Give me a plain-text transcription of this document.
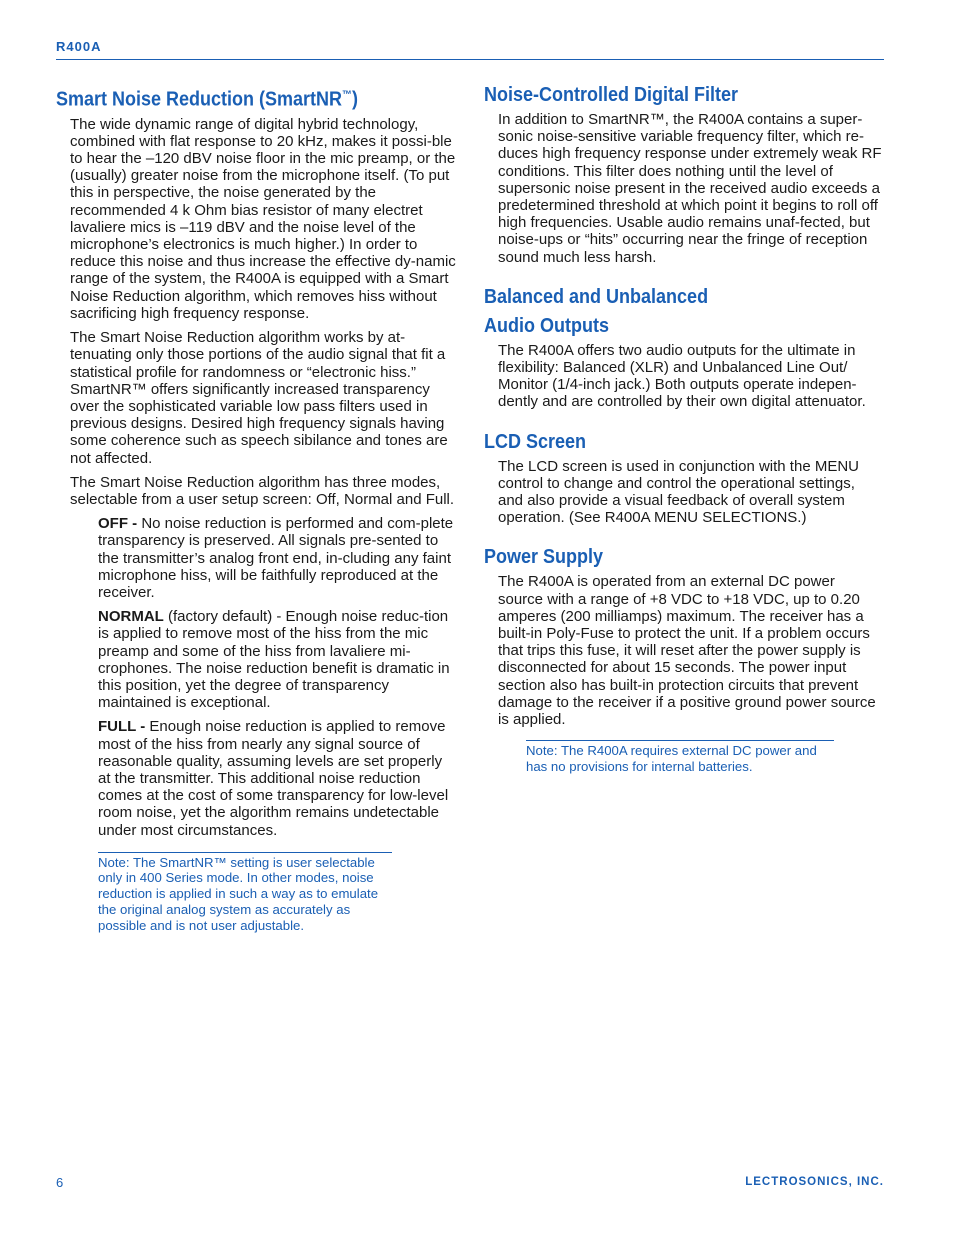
R400A
Smart Noise Reduction (SmartNR™)

The wide dynamic range of digital hybrid technology, combined with flat response to 20 kHz, makes it possi-ble to hear the –120 dBV noise floor in the mic preamp, or the (usually) greater noise from the microphone itself. (To put this in perspective, the noise generated by the recommended 4 k Ohm bias resistor of many electret lavaliere mics is –119 dBV and the noise level of the microphone’s electronics is much higher.) In order to reduce this noise and thus increase the effective dy-namic range of the system, the R400A is equipped with a Smart Noise Reduction algorithm, which removes hiss without sacrificing high frequency response.

The Smart Noise Reduction algorithm works by at-tenuating only those portions of the audio signal that fit a statistical profile for randomness or “electronic hiss.” SmartNR™ offers significantly increased transparency over the sophisticated variable low pass filters used in previous designs. Desired high frequency signals having some coherence such as speech sibilance and tones are not affected.

The Smart Noise Reduction algorithm has three modes, selectable from a user setup screen: Off, Normal and Full.

OFF - No noise reduction is performed and com-plete transparency is preserved. All signals pre-sented to the transmitter’s analog front end, in-cluding any faint microphone hiss, will be faithfully reproduced at the receiver.

NORMAL (factory default) - Enough noise reduc-tion is applied to remove most of the hiss from the mic preamp and some of the hiss from lavaliere mi-crophones. The noise reduction benefit is dramatic in this position, yet the degree of transparency maintained is exceptional.

FULL - Enough noise reduction is applied to remove most of the hiss from nearly any signal source of reasonable quality, assuming levels are set properly at the transmitter. This additional noise reduction comes at the cost of some transparency for low-level room noise, yet the algorithm remains undetectable under most circumstances.

Note: The SmartNR™ setting is user selectable only in 400 Series mode. In other modes, noise reduction is applied in such a way as to emulate the original analog system as accurately as possible and is not user adjustable.
Noise-Controlled Digital Filter

In addition to SmartNR™, the R400A contains a super-sonic noise-sensitive variable frequency filter, which re-duces high frequency response under extremely weak RF conditions. This filter does nothing until the level of supersonic noise present in the received audio exceeds a predetermined threshold at which point it begins to roll off high frequencies. Usable audio remains unaf-fected, but noise-ups or “hits” occurring near the fringe of reception sound much less harsh.

Balanced and Unbalanced
Audio Outputs

The R400A offers two audio outputs for the ultimate in flexibility: Balanced (XLR) and Unbalanced Line Out/ Monitor (1/4-inch jack.) Both outputs operate indepen-dently and are controlled by their own digital attenuator.

LCD Screen

The LCD screen is used in conjunction with the MENU control to change and control the operational settings, and also provide a visual feedback of overall system operation. (See R400A MENU SELECTIONS.)

Power Supply

The R400A is operated from an external DC power source with a range of +8 VDC to +18 VDC, up to 0.20 amperes (200 milliamps) maximum. The receiver has a built-in Poly-Fuse to protect the unit. If a problem occurs that trips this fuse, it will reset after the power supply is disconnected for about 15 seconds. The power input section also has built-in protection circuits that prevent damage to the receiver if a positive ground power source is applied.

Note: The R400A requires external DC power and has no provisions for internal batteries.
6	LECTROSONICS, INC.
